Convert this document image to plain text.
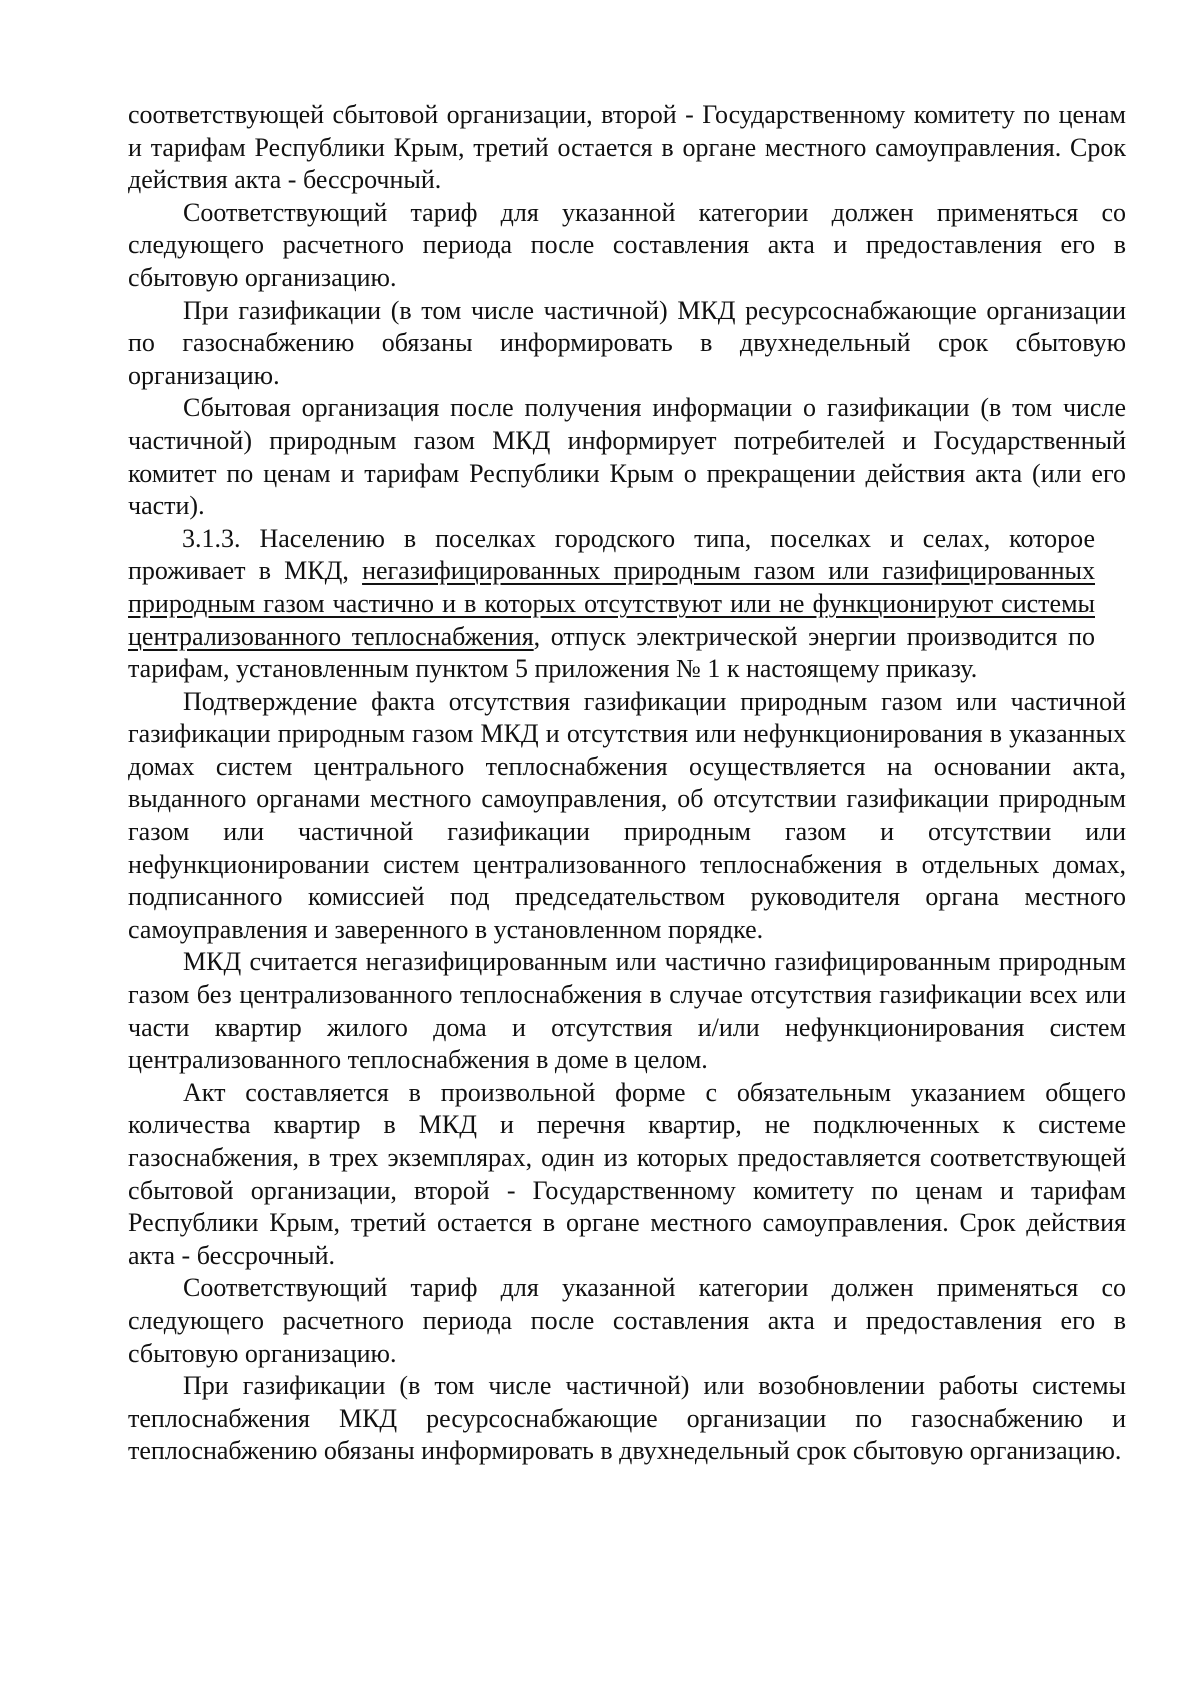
соответствующей сбытовой организации, второй - Государственному комитету по ценам и тарифам Республики Крым, третий остается в органе местного самоуправления. Срок действия акта - бессрочный.

Соответствующий тариф для указанной категории должен применяться со следующего расчетного периода после составления акта и предоставления его в сбытовую организацию.

При газификации (в том числе частичной) МКД ресурсоснабжающие организации по газоснабжению обязаны информировать в двухнедельный срок сбытовую организацию.

Сбытовая организация после получения информации о газификации (в том числе частичной) природным газом МКД информирует потребителей и Государственный комитет по ценам и тарифам Республики Крым о прекращении действия акта (или его части).

3.1.3. Населению в поселках городского типа, поселках и селах, которое проживает в МКД, негазифицированных природным газом или газифицированных природным газом частично и в которых отсутствуют или не функционируют системы централизованного теплоснабжения, отпуск электрической энергии производится по тарифам, установленным пунктом 5 приложения № 1 к настоящему приказу.

Подтверждение факта отсутствия газификации природным газом или частичной газификации природным газом МКД и отсутствия или нефункционирования в указанных домах систем центрального теплоснабжения осуществляется на основании акта, выданного органами местного самоуправления, об отсутствии газификации природным газом или частичной газификации природным газом и отсутствии или нефункционировании систем централизованного теплоснабжения в отдельных домах, подписанного комиссией под председательством руководителя органа местного самоуправления и заверенного в установленном порядке.

МКД считается негазифицированным или частично газифицированным природным газом без централизованного теплоснабжения в случае отсутствия газификации всех или части квартир жилого дома и отсутствия и/или нефункционирования систем централизованного теплоснабжения в доме в целом.

Акт составляется в произвольной форме с обязательным указанием общего количества квартир в МКД и перечня квартир, не подключенных к системе газоснабжения, в трех экземплярах, один из которых предоставляется соответствующей сбытовой организации, второй - Государственному комитету по ценам и тарифам Республики Крым, третий остается в органе местного самоуправления. Срок действия акта - бессрочный.

Соответствующий тариф для указанной категории должен применяться со следующего расчетного периода после составления акта и предоставления его в сбытовую организацию.

При газификации (в том числе частичной) или возобновлении работы системы теплоснабжения МКД ресурсоснабжающие организации по газоснабжению и теплоснабжению обязаны информировать в двухнедельный срок сбытовую организацию.
